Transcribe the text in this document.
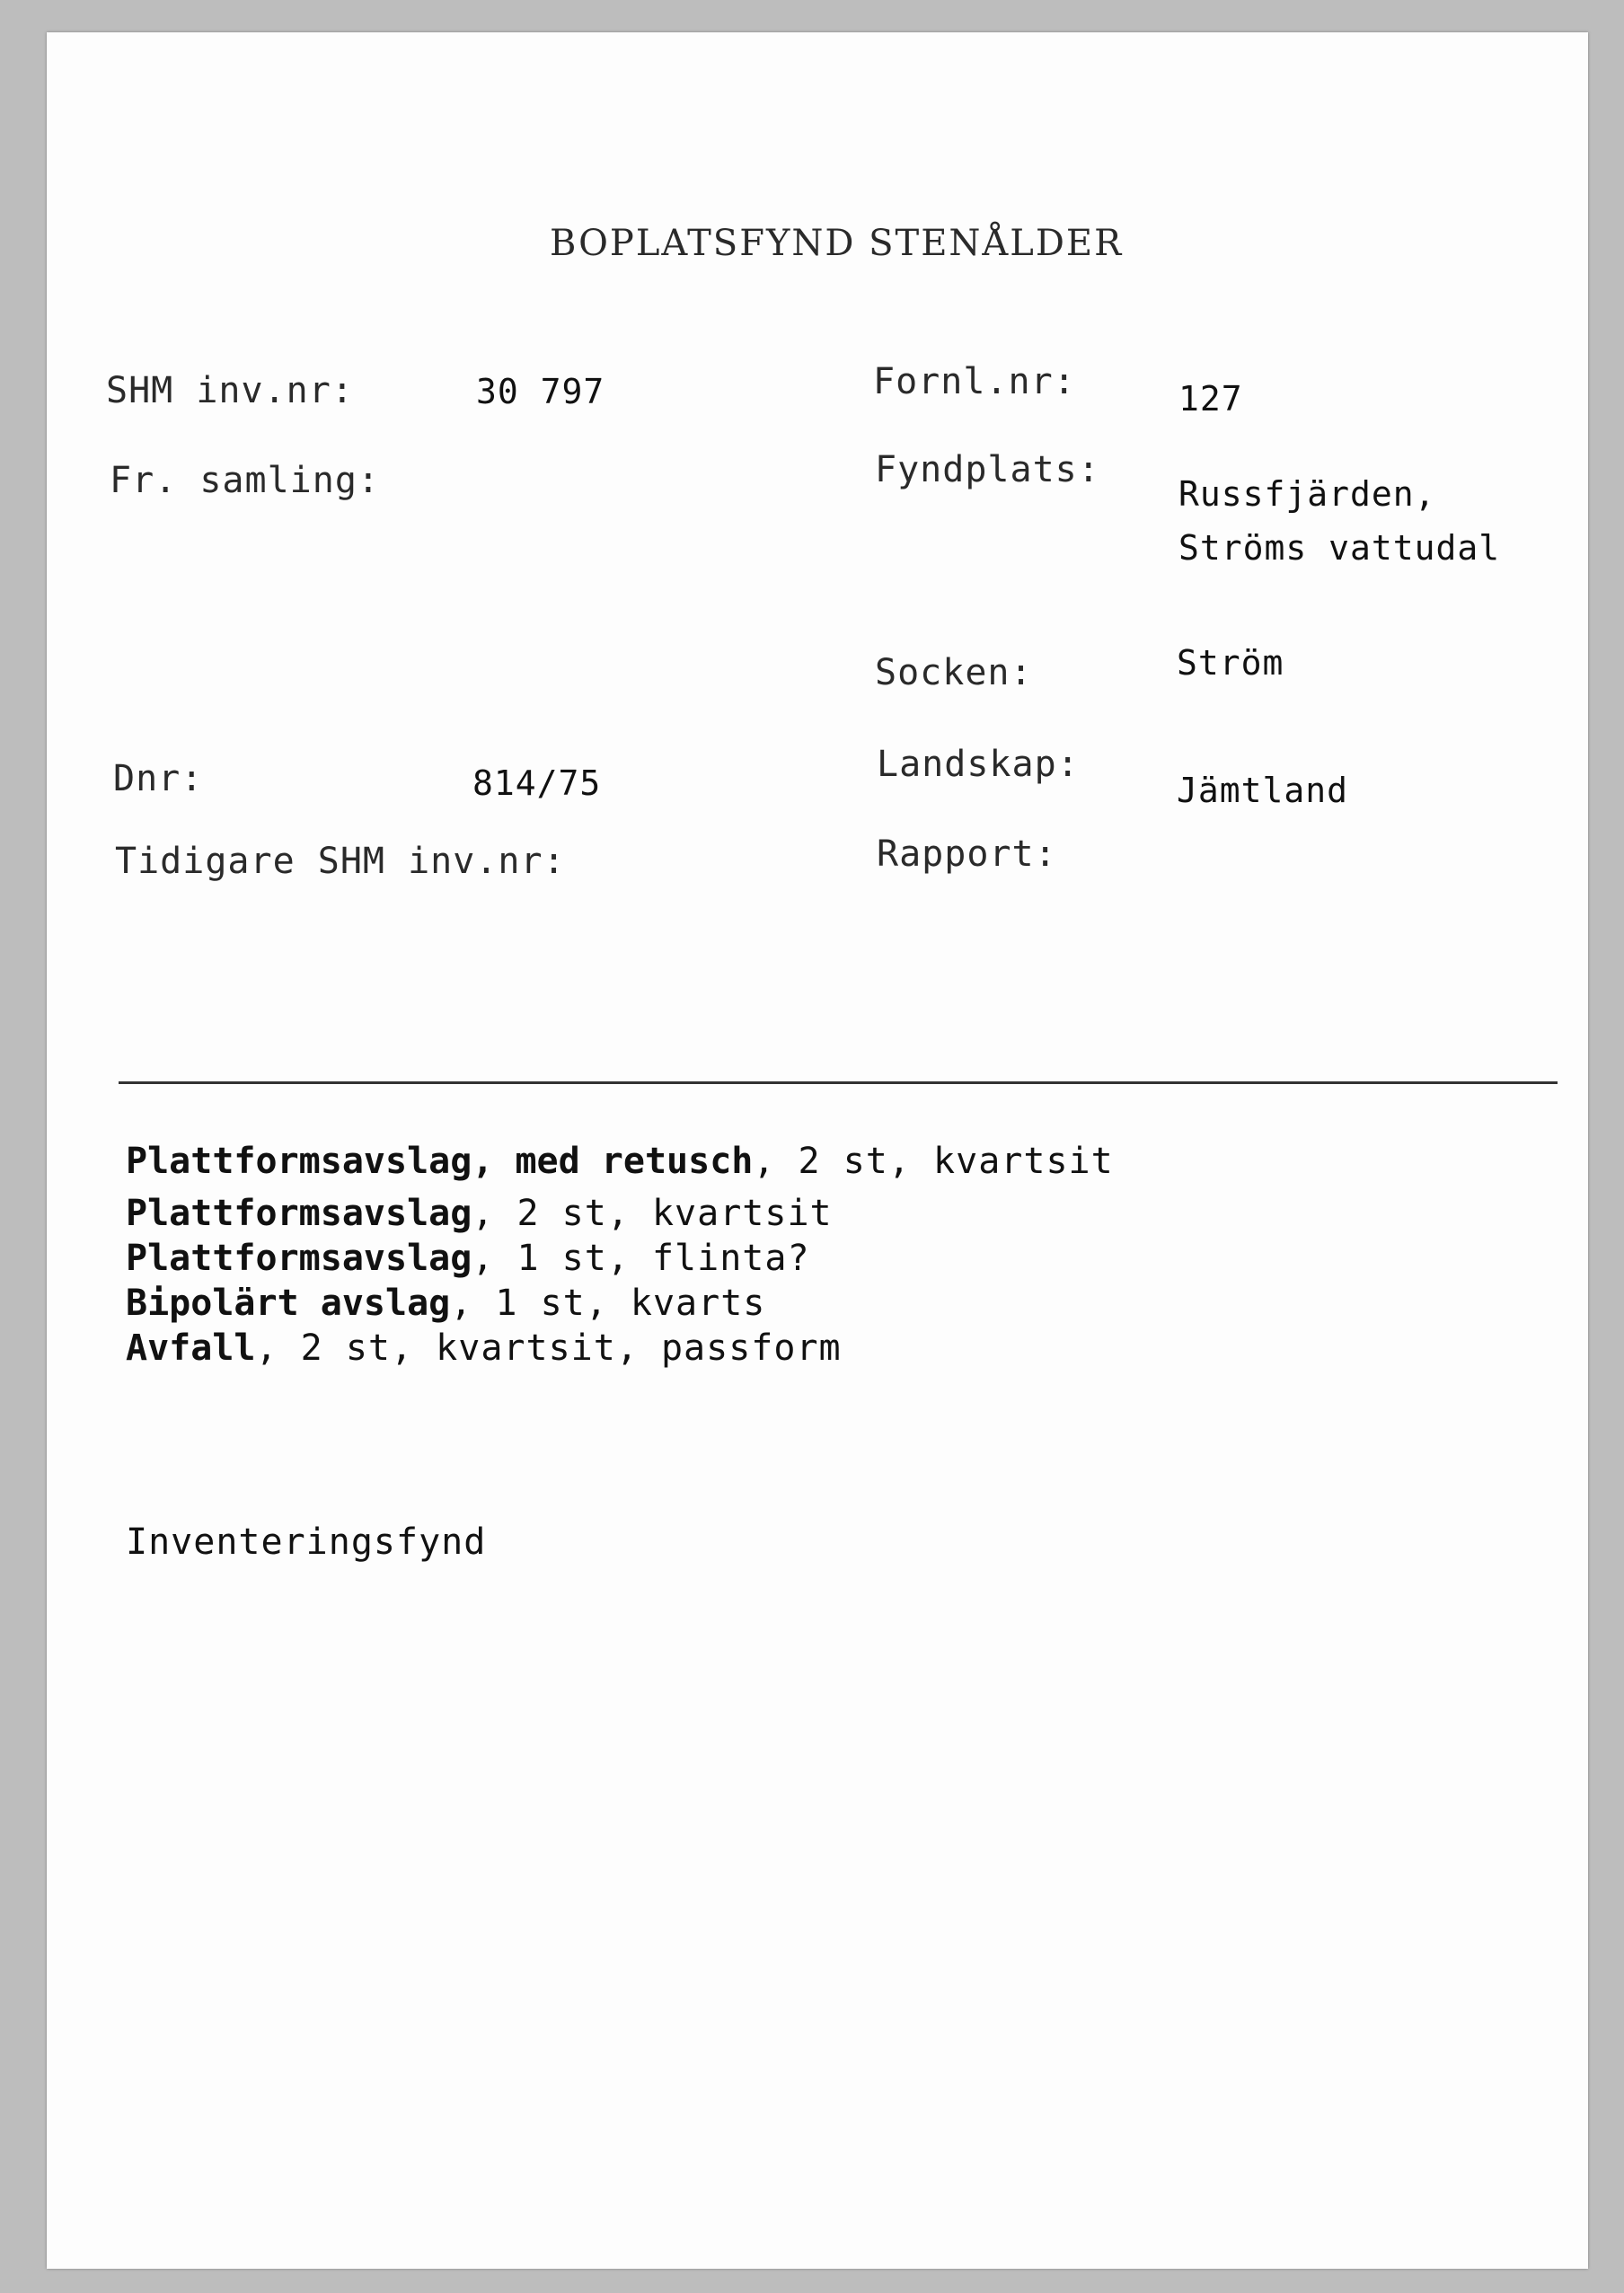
BOPLATSFYND STENÅLDER
SHM inv.nr:	30 797
Fr. samling:
Dnr:	814/75
Tidigare SHM inv.nr:
Fornl.nr:	127
Fyndplats:
Russfjärden,
Ströms vattudal
Socken:	Ström
Landskap:
Jämtland
Rapport:
Plattformsavslag, med retusch, 2 st, kvartsit
Plattformsavslag, 2 st, kvartsit
Plattformsavslag, 1 st, flinta?
Bipolärt avslag, 1 st, kvarts
Avfall, 2 st, kvartsit, passform
Inventeringsfynd
